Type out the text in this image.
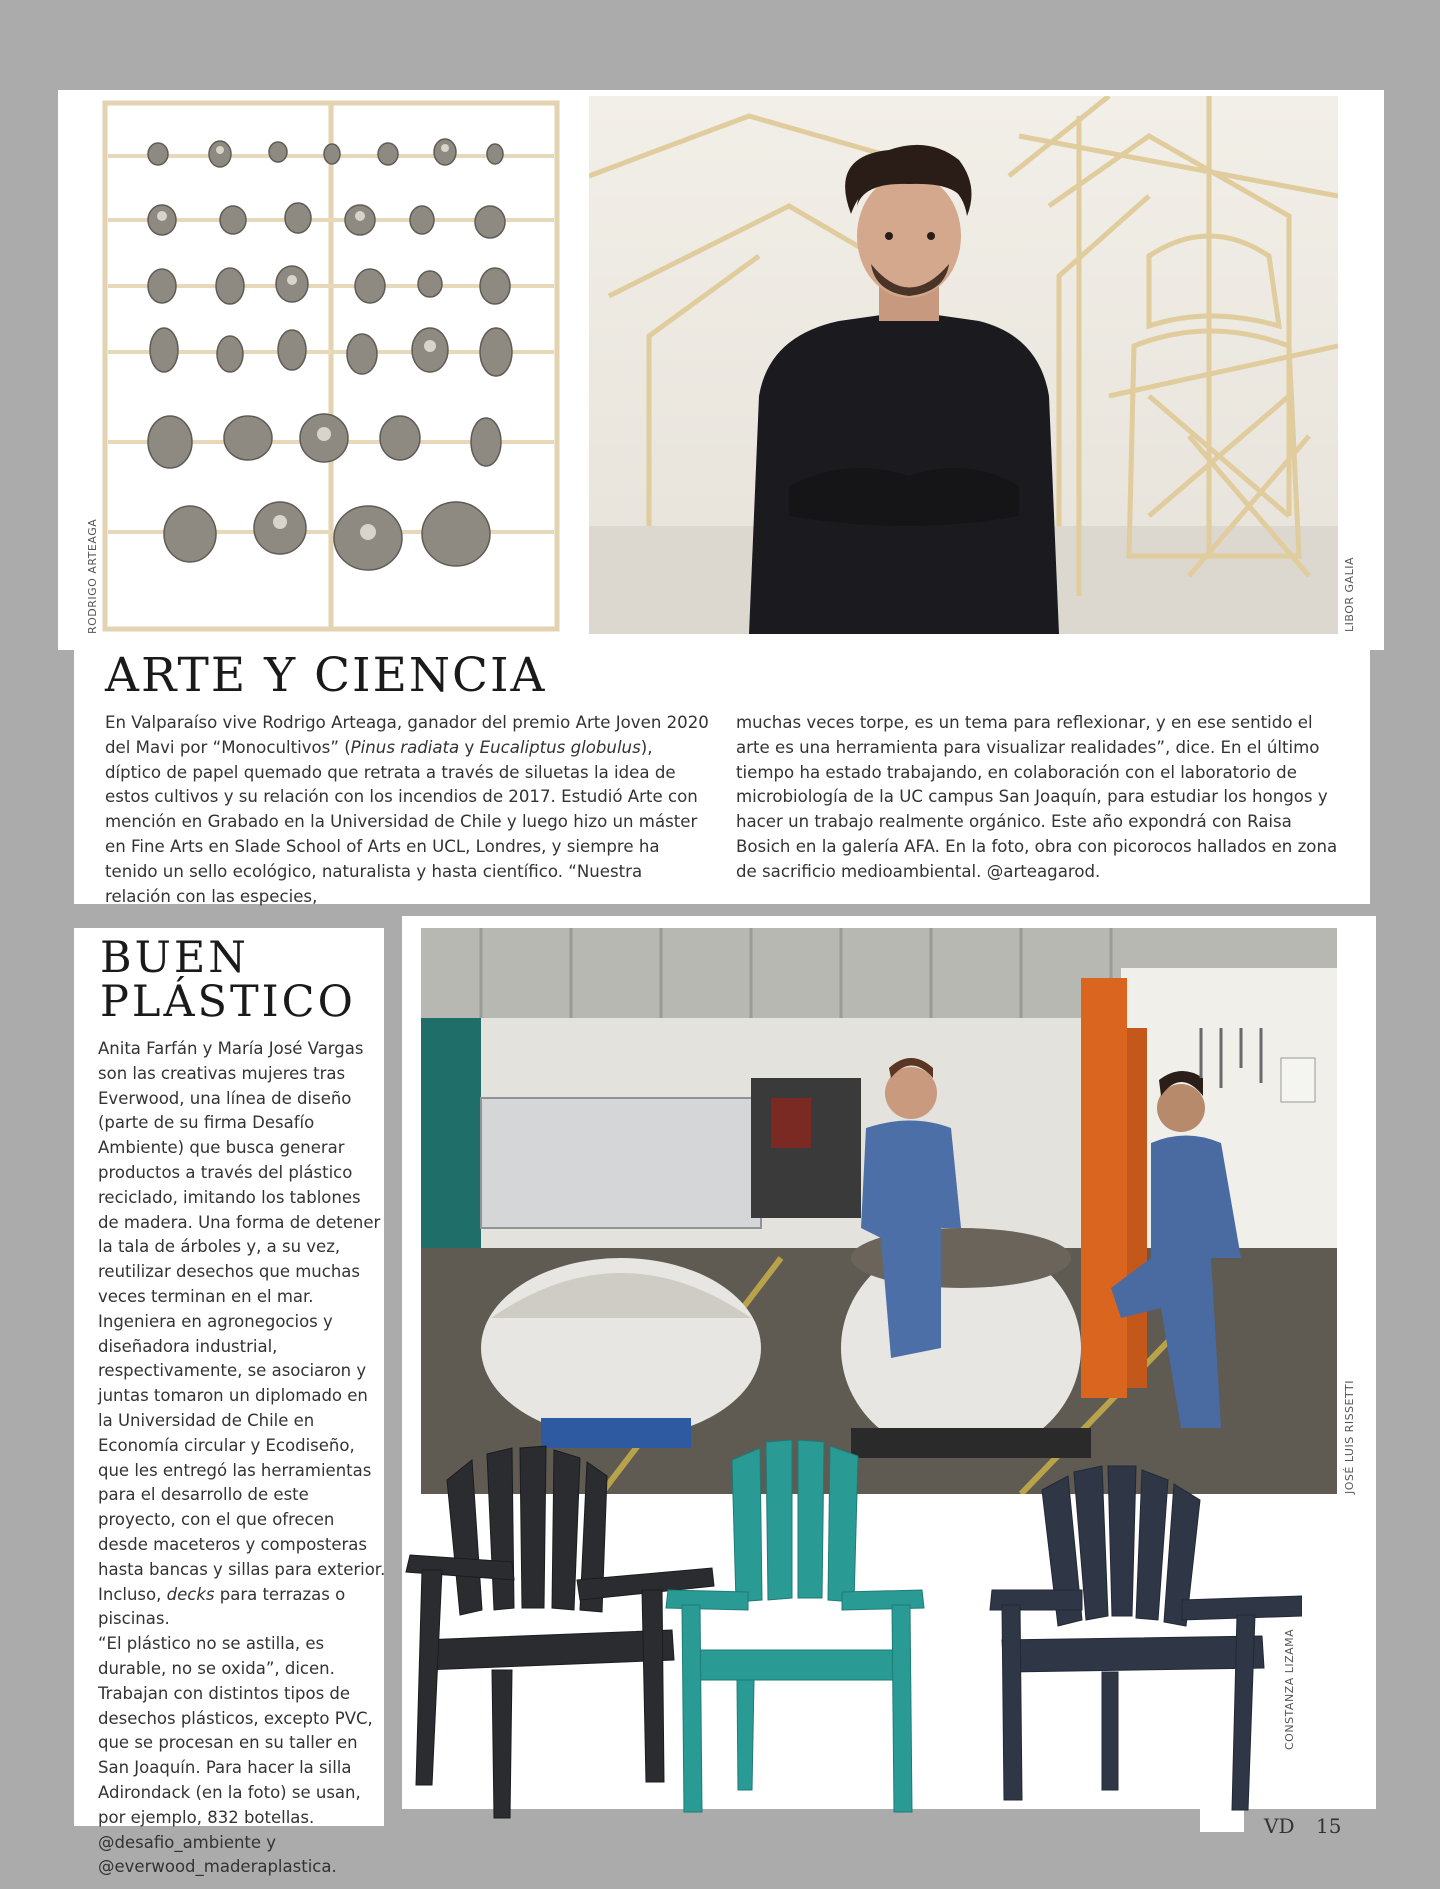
RODRIGO ARTEAGA	LIBOR GALIA
ARTE Y CIENCIA

En Valparaíso vive Rodrigo Arteaga, ganador del premio Arte Joven 2020 del Mavi por “Monocultivos” (Pinus radiata y Eucaliptus globulus), díptico de papel quemado que retrata a través de siluetas la idea de estos cultivos y su relación con los incendios de 2017. Estudió Arte con mención en Grabado en la Universidad de Chile y luego hizo un máster en Fine Arts en Slade School of Arts en UCL, Londres, y siempre ha tenido un sello ecológico, naturalista y hasta científico. “Nuestra relación con las especies,

muchas veces torpe, es un tema para reflexionar, y en ese sentido el arte es una herramienta para visualizar realidades”, dice. En el último tiempo ha estado trabajando, en colaboración con el laboratorio de microbiología de la UC campus San Joaquín, para estudiar los hongos y hacer un trabajo realmente orgánico. Este año expondrá con Raisa Bosich en la galería AFA. En la foto, obra con picorocos hallados en zona de sacrificio medioambiental. @arteagarod.

BUEN
PLÁSTICO

Anita Farfán y María José Vargas son las creativas mujeres tras Everwood, una línea de diseño (parte de su firma Desafío Ambiente) que busca generar productos a través del plástico reciclado, imitando los tablones de madera. Una forma de detener la tala de árboles y, a su vez, reutilizar desechos que muchas veces terminan en el mar. Ingeniera en agronegocios y diseñadora industrial, respectivamente, se asociaron y juntas tomaron un diplomado en la Universidad de Chile en Economía circular y Ecodiseño, que les entregó las herramientas para el desarrollo de este proyecto, con el que ofrecen desde maceteros y composteras hasta bancas y sillas para exterior. Incluso, decks para terrazas o piscinas.

“El plástico no se astilla, es durable, no se oxida”, dicen. Trabajan con distintos tipos de desechos plásticos, excepto PVC, que se procesan en su taller en San Joaquín. Para hacer la silla Adirondack (en la foto) se usan, por ejemplo, 832 botellas. @desafio_ambiente y @everwood_maderaplastica.

JOSÉ LUIS RISSETTI
CONSTANZA LIZAMA
VD 15
